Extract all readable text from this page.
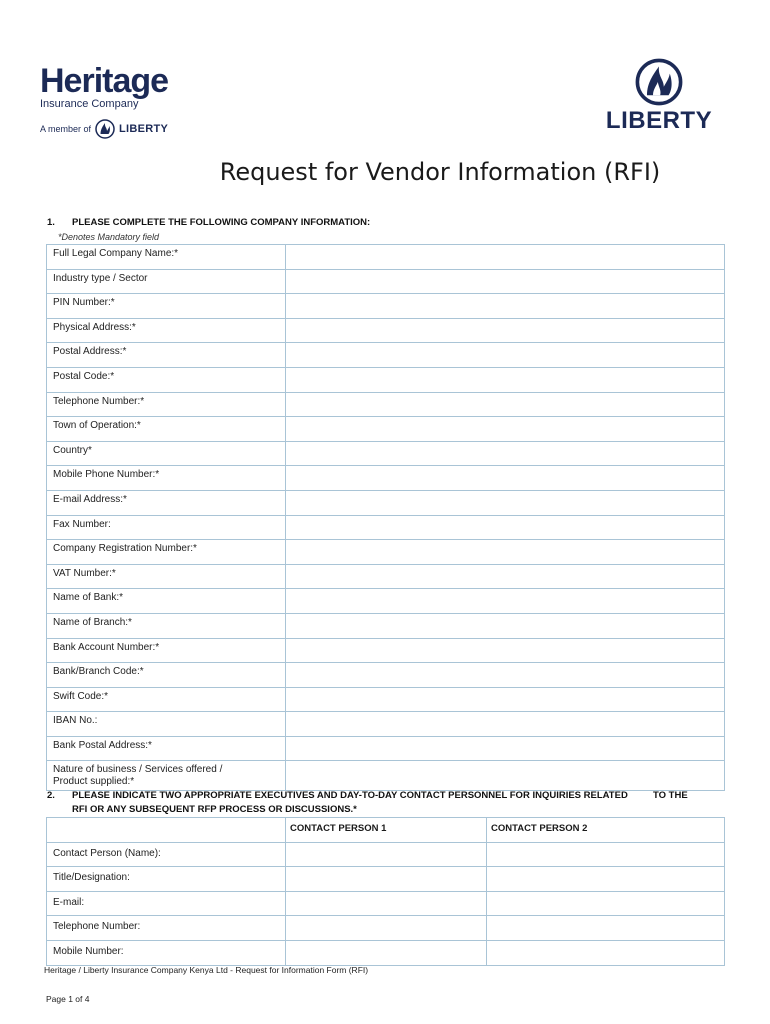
Heritage
Insurance Company
A member of	LIBERTY	LIBERTY
Request for Vendor Information (RFI)
1. PLEASE COMPLETE THE FOLLOWING COMPANY INFORMATION:
*Denotes Mandatory field
Full Legal Company Name:*	
Industry type / Sector	
PIN Number:*	
Physical Address:*	
Postal Address:*	
Postal Code:*	
Telephone Number:*	
Town of Operation:*	
Country*	
Mobile Phone Number:*	
E-mail Address:*	
Fax Number:	
Company Registration Number:*	
VAT Number:*	
Name of Bank:*	
Name of Branch:*	
Bank Account Number:*	
Bank/Branch Code:*	
Swift Code:*	
IBAN No.:	
Bank Postal Address:*	

Nature of business / Services offered /
Product supplied:*	

2. PLEASE INDICATE TWO APPROPRIATE EXECUTIVES AND DAY-TO-DAY CONTACT PERSONNEL FOR INQUIRIES RELATED	TO THE
RFI OR ANY SUBSEQUENT RFP PROCESS OR DISCUSSIONS.*
	CONTACT PERSON 1	CONTACT PERSON 2
Contact Person (Name):		
Title/Designation:		
E-mail:		
Telephone Number:		
Mobile Number:		
Heritage / Liberty Insurance Company Kenya Ltd - Request for Information Form (RFI)
Page 1 of 4
